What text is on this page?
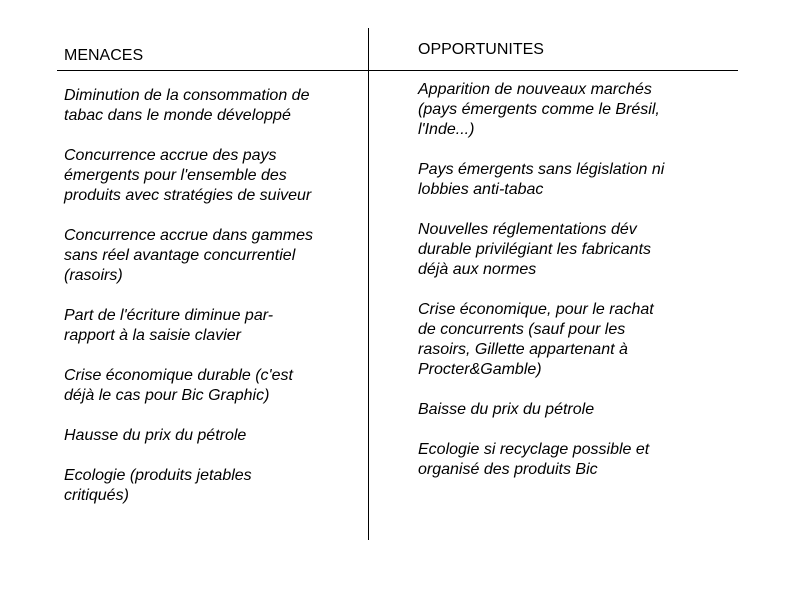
MENACES	OPPORTUNITES
Diminution de la consommation de
tabac dans le monde développé
Concurrence accrue des pays
émergents pour l'ensemble des
produits avec stratégies de suiveur
Concurrence accrue dans gammes
sans réel avantage concurrentiel
(rasoirs)
Part de l'écriture diminue par-
rapport à la saisie clavier
Crise économique durable (c'est
déjà le cas pour Bic Graphic)
Hausse du prix du pétrole
Ecologie (produits jetables
critiqués)
Apparition de nouveaux marchés
(pays émergents comme le Brésil,
l'Inde...)
Pays émergents sans législation ni
lobbies anti-tabac
Nouvelles réglementations dév
durable privilégiant les fabricants
déjà aux normes
Crise économique, pour le rachat
de concurrents (sauf pour les
rasoirs, Gillette appartenant à
Procter&Gamble)
Baisse du prix du pétrole
Ecologie si recyclage possible et
organisé des produits Bic
